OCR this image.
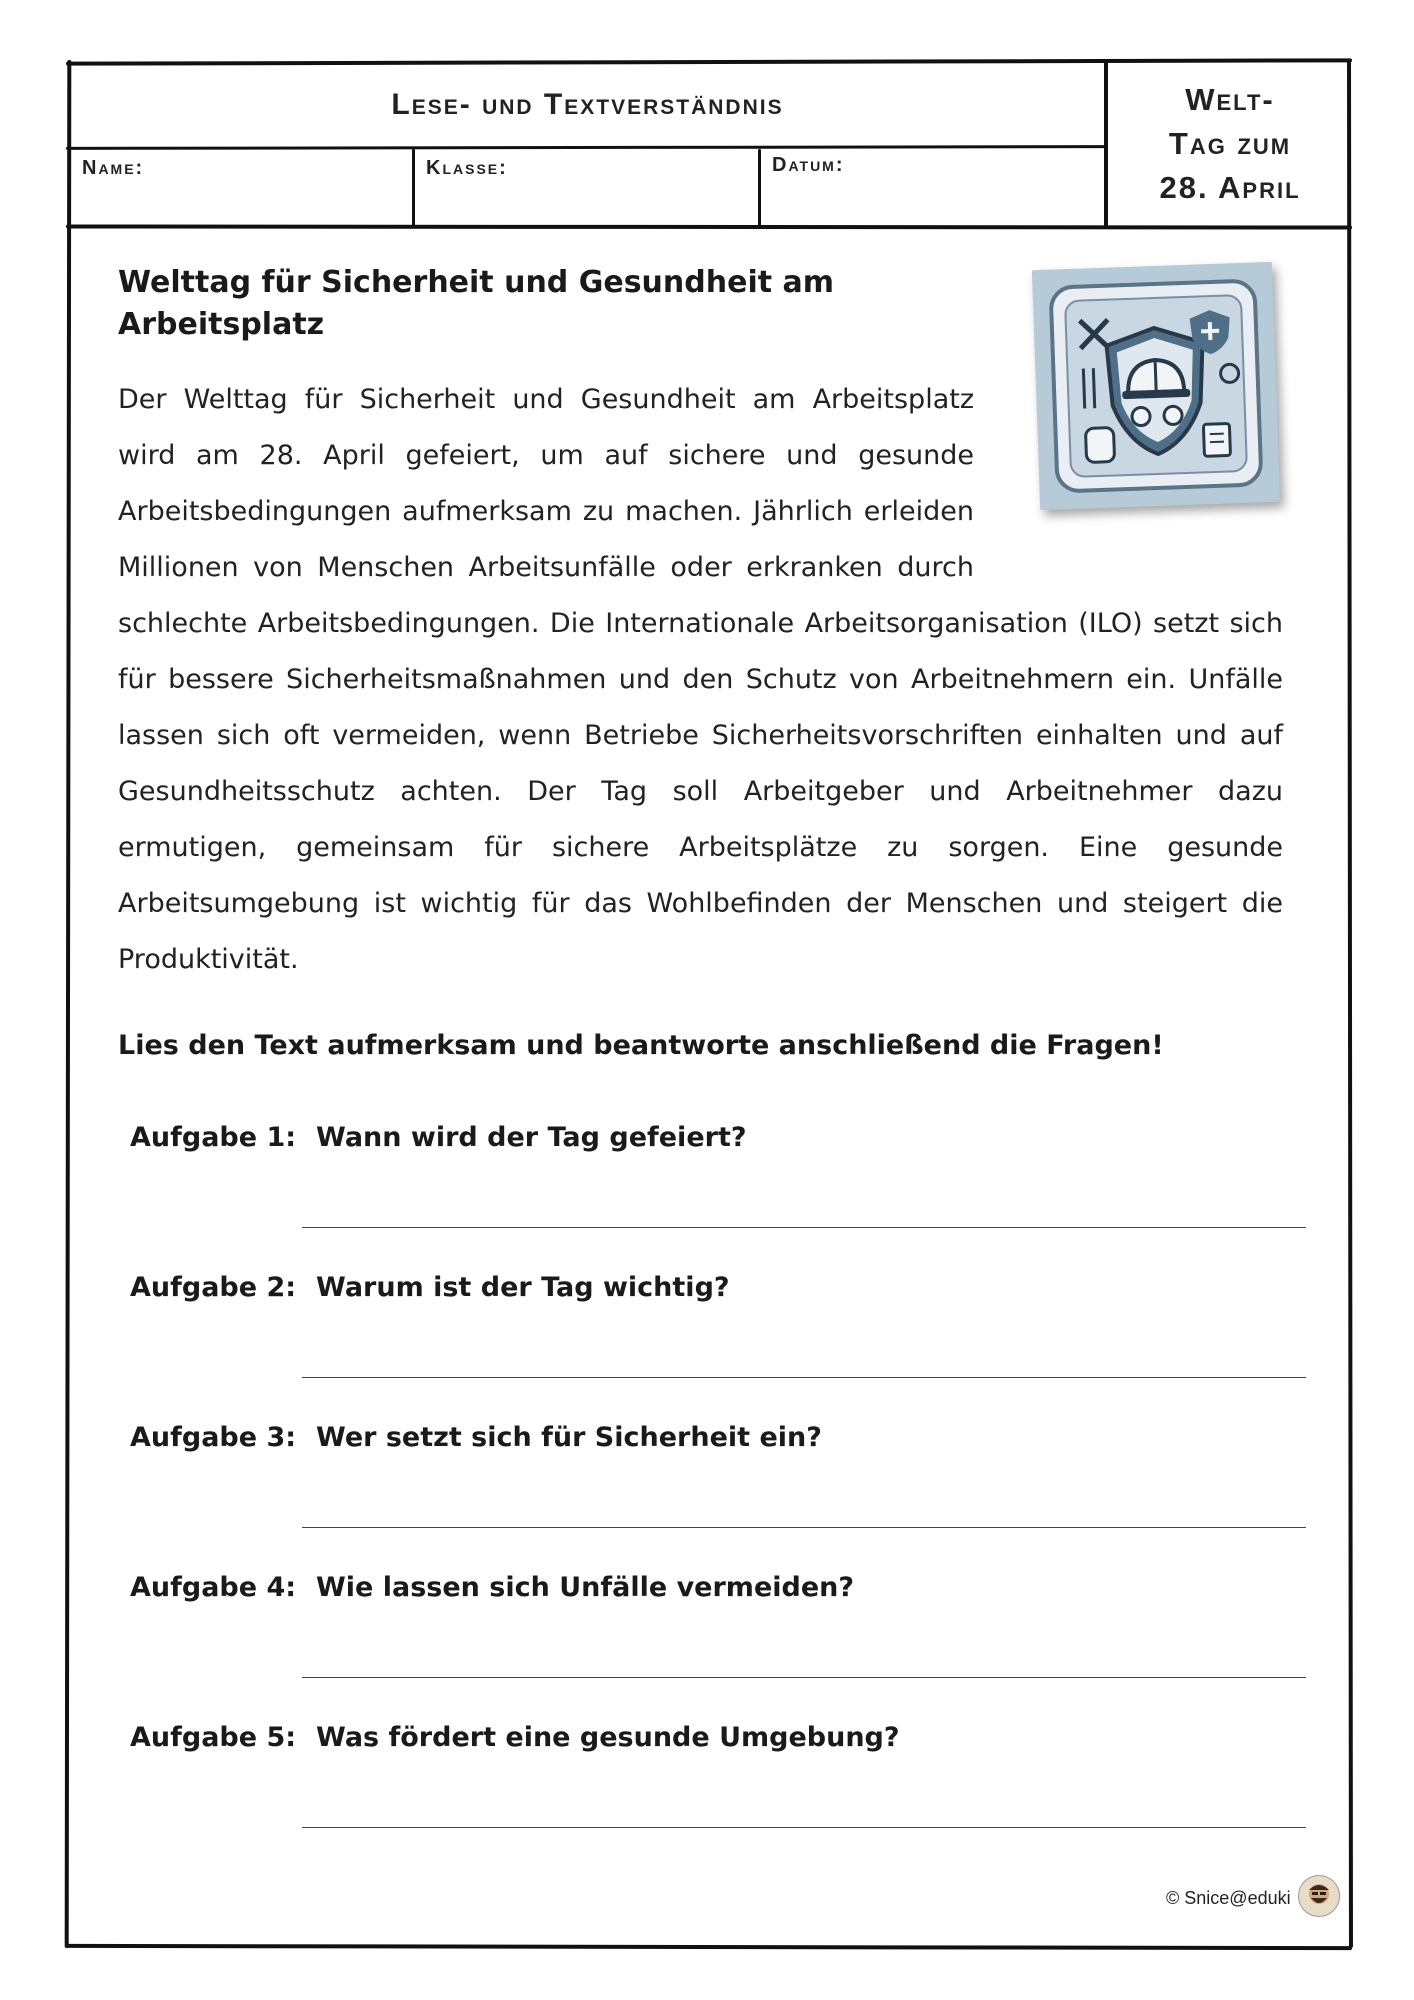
Lese- und Textverständnis
Name:	Klasse:	Datum:
Welt-
Tag zum
28. April
Welttag für Sicherheit und Gesundheit am Arbeitsplatz
Der Welttag für Sicherheit und Gesundheit am Arbeitsplatz wird am 28. April gefeiert, um auf sichere und gesunde Arbeitsbedingungen aufmerksam zu machen. Jährlich erleiden Millionen von Menschen Arbeitsunfälle oder erkranken durch schlechte Arbeitsbedingungen. Die Internationale Arbeitsorganisation (ILO) setzt sich für bessere Sicherheitsmaßnahmen und den Schutz von Arbeitnehmern ein. Unfälle lassen sich oft vermeiden, wenn Betriebe Sicherheitsvorschriften einhalten und auf Gesundheitsschutz achten. Der Tag soll Arbeitgeber und Arbeitnehmer dazu ermutigen, gemeinsam für sichere Arbeitsplätze zu sorgen. Eine gesunde Arbeitsumgebung ist wichtig für das Wohlbefinden der Menschen und steigert die Produktivität.
Lies den Text aufmerksam und beantworte anschließend die Fragen!
Aufgabe 1: Wann wird der Tag gefeiert?
Aufgabe 2: Warum ist der Tag wichtig?
Aufgabe 3: Wer setzt sich für Sicherheit ein?
Aufgabe 4: Wie lassen sich Unfälle vermeiden?
Aufgabe 5: Was fördert eine gesunde Umgebung?
© Snice@eduki
